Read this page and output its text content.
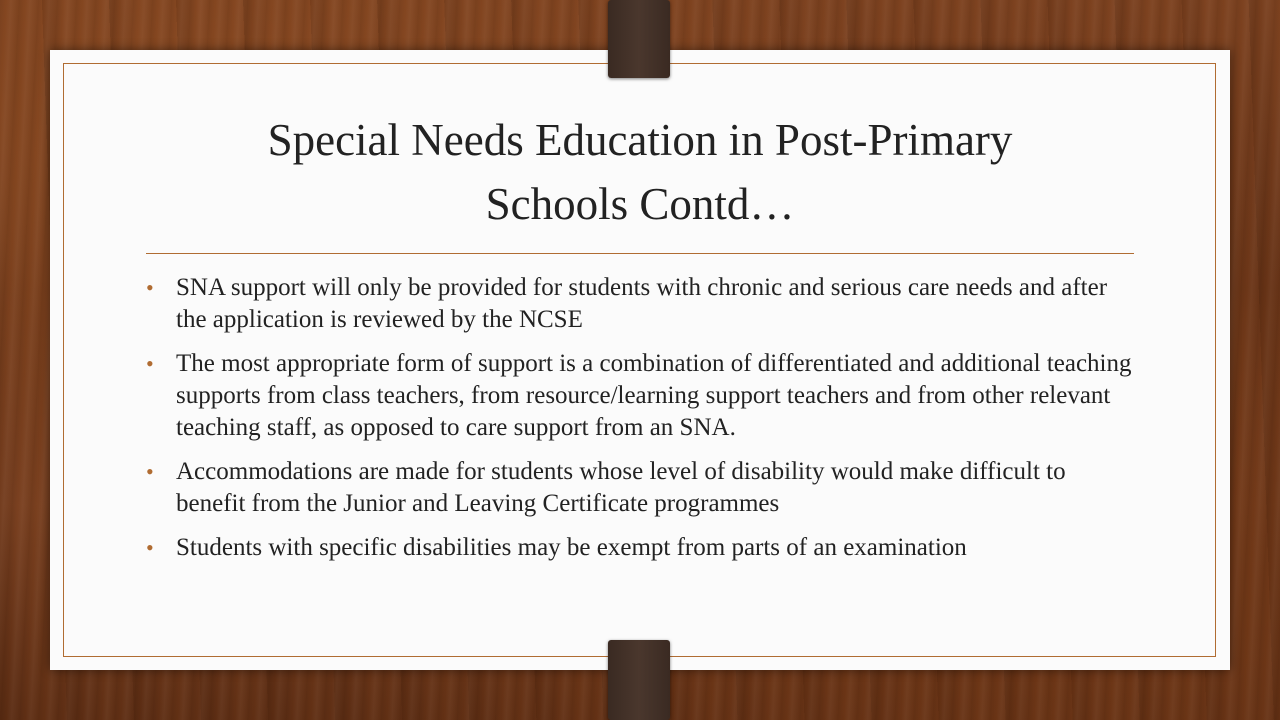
Special Needs Education in Post-Primary
Schools Contd…
• SNA support will only be provided for students with chronic and serious care needs and after the application is reviewed by the NCSE
• The most appropriate form of support is a combination of differentiated and additional teaching supports from class teachers, from resource/learning support teachers and from other relevant teaching staff, as opposed to care support from an SNA.
• Accommodations are made for students whose level of disability would make difficult to benefit from the Junior and Leaving Certificate programmes
• Students with specific disabilities may be exempt from parts of an examination
